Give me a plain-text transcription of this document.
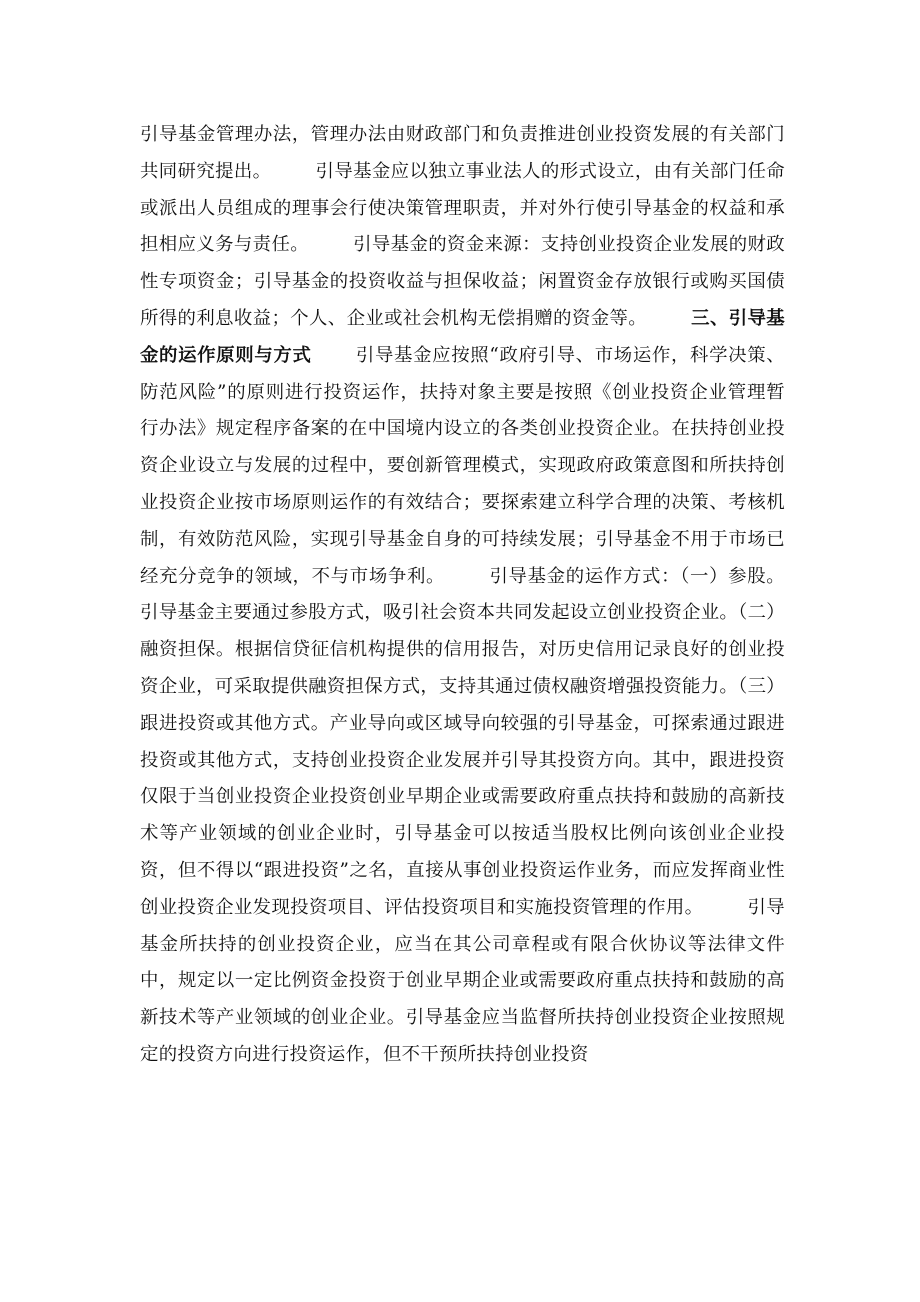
引导基金管理办法，管理办法由财政部门和负责推进创业投资发展的有关部门共同研究提出。 引导基金应以独立事业法人的形式设立，由有关部门任命或派出人员组成的理事会行使决策管理职责，并对外行使引导基金的权益和承担相应义务与责任。 引导基金的资金来源：支持创业投资企业发展的财政性专项资金；引导基金的投资收益与担保收益；闲置资金存放银行或购买国债所得的利息收益；个人、企业或社会机构无偿捐赠的资金等。 三、引导基金的运作原则与方式 引导基金应按照“政府引导、市场运作，科学决策、防范风险”的原则进行投资运作，扶持对象主要是按照《创业投资企业管理暂行办法》规定程序备案的在中国境内设立的各类创业投资企业。在扶持创业投资企业设立与发展的过程中，要创新管理模式，实现政府政策意图和所扶持创业投资企业按市场原则运作的有效结合；要探索建立科学合理的决策、考核机制，有效防范风险，实现引导基金自身的可持续发展；引导基金不用于市场已经充分竞争的领域，不与市场争利。 引导基金的运作方式：（一）参股。引导基金主要通过参股方式，吸引社会资本共同发起设立创业投资企业。（二）融资担保。根据信贷征信机构提供的信用报告，对历史信用记录良好的创业投资企业，可采取提供融资担保方式，支持其通过债权融资增强投资能力。（三）跟进投资或其他方式。产业导向或区域导向较强的引导基金，可探索通过跟进投资或其他方式，支持创业投资企业发展并引导其投资方向。其中，跟进投资仅限于当创业投资企业投资创业早期企业或需要政府重点扶持和鼓励的高新技术等产业领域的创业企业时，引导基金可以按适当股权比例向该创业企业投资，但不得以“跟进投资”之名，直接从事创业投资运作业务，而应发挥商业性创业投资企业发现投资项目、评估投资项目和实施投资管理的作用。 引导基金所扶持的创业投资企业，应当在其公司章程或有限合伙协议等法律文件中，规定以一定比例资金投资于创业早期企业或需要政府重点扶持和鼓励的高新技术等产业领域的创业企业。引导基金应当监督所扶持创业投资企业按照规定的投资方向进行投资运作，但不干预所扶持创业投资
